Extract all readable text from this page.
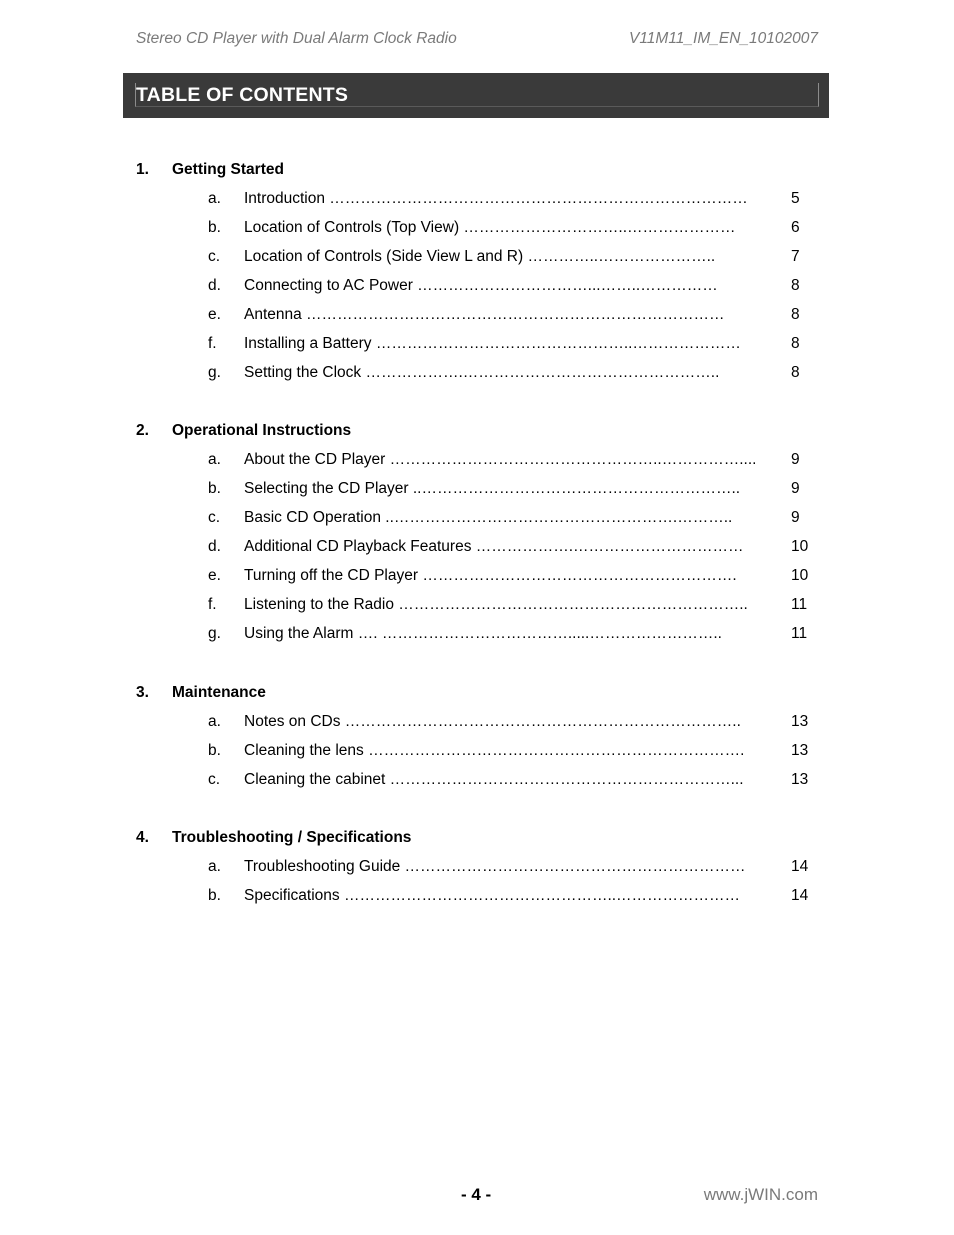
Stereo CD Player with Dual Alarm Clock Radio	V11M11_IM_EN_10102007
TABLE OF CONTENTS
1. Getting Started
a. Introduction ………………………………………………………………………	5
b. Location of Controls (Top View) …………………………..…………………	6
c. Location of Controls (Side View L and R) …………..…………………..	7
d. Connecting to AC Power ……………………………...……..……………	8
e. Antenna ………………………………………………………………………	8
f. Installing a Battery …………………………………………..…………………	8
g. Setting the Clock ……………….…………………………………………..	8
2. Operational Instructions
a. About the CD Player ……………………………………………..……………....	9
b. Selecting the CD Player ..……………………………………………………..	9
c. Basic CD Operation ..……………………………………………….………..	9
d. Additional CD Playback Features ……………….……………………………	10
e. Turning off the CD Player …………………………………………………….	10
f. Listening to the Radio …………………………………………………………..	11
g. Using the Alarm …. ……………………………….....……………………..	11
3. Maintenance
a. Notes on CDs …………………………………………………………………..	13
b. Cleaning the lens ……………………………………………………………….	13
c. Cleaning the cabinet …………………………………………………………...	13
4. Troubleshooting / Specifications
a. Troubleshooting Guide …………………………………………………………	14
b. Specifications ……………………………………………..……………………	14
- 4 -	www.jWIN.com
